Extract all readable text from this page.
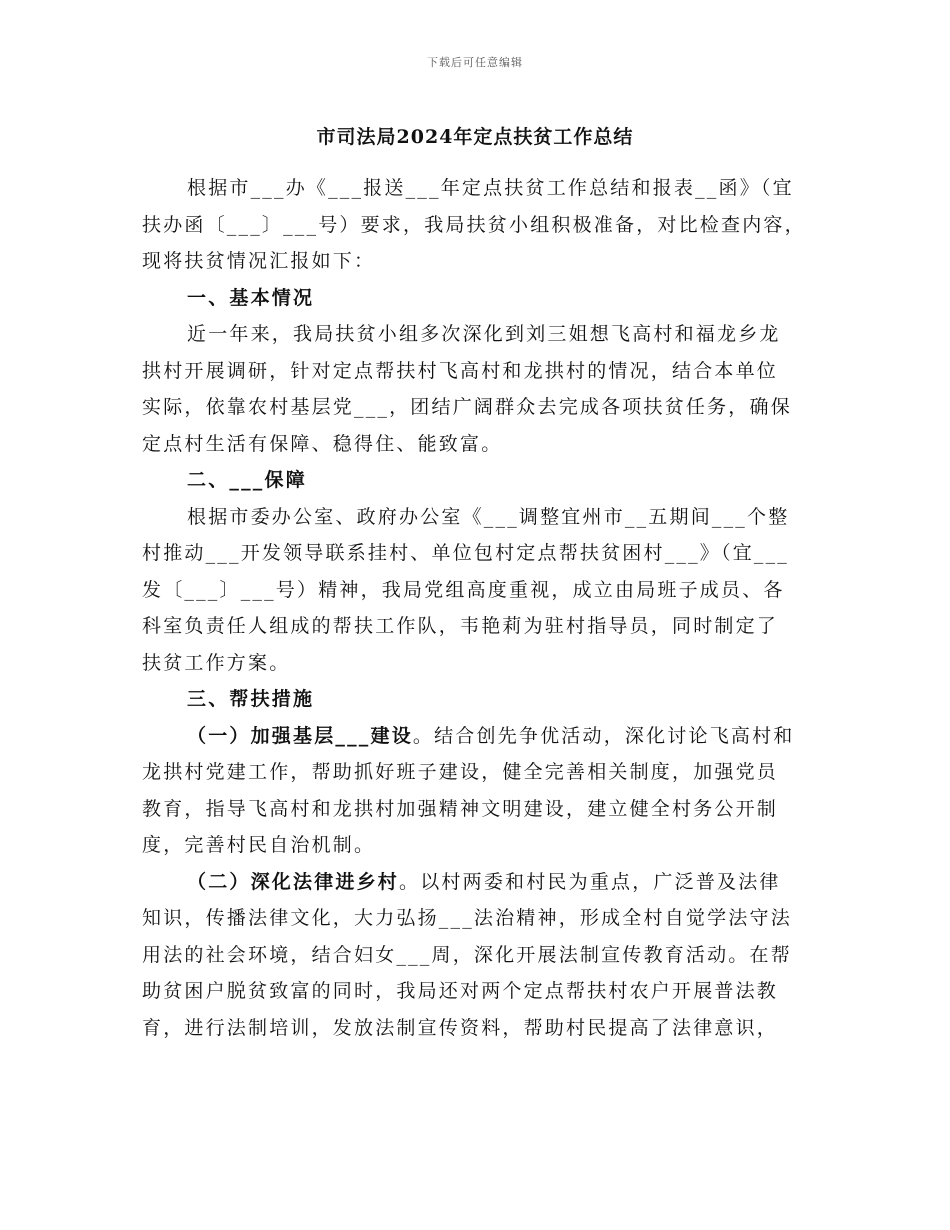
下载后可任意编辑
市司法局2024年定点扶贫工作总结
根据市___办《___报送___年定点扶贫工作总结和报表__函》（宜
扶办函〔___〕___号）要求，我局扶贫小组积极准备，对比检查内容，
现将扶贫情况汇报如下：
一、基本情况
近一年来，我局扶贫小组多次深化到刘三姐想飞高村和福龙乡龙
拱村开展调研，针对定点帮扶村飞高村和龙拱村的情况，结合本单位
实际，依靠农村基层党___，团结广阔群众去完成各项扶贫任务，确保
定点村生活有保障、稳得住、能致富。
二、___保障
根据市委办公室、政府办公室《___调整宜州市__五期间___个整
村推动___开发领导联系挂村、单位包村定点帮扶贫困村___》（宜___
发〔___〕___号）精神，我局党组高度重视，成立由局班子成员、各
科室负责任人组成的帮扶工作队，韦艳莉为驻村指导员，同时制定了
扶贫工作方案。
三、帮扶措施
（一）加强基层___建设。结合创先争优活动，深化讨论飞高村和
龙拱村党建工作，帮助抓好班子建设，健全完善相关制度，加强党员
教育，指导飞高村和龙拱村加强精神文明建设，建立健全村务公开制
度，完善村民自治机制。
（二）深化法律进乡村。以村两委和村民为重点，广泛普及法律
知识，传播法律文化，大力弘扬___法治精神，形成全村自觉学法守法
用法的社会环境，结合妇女___周，深化开展法制宣传教育活动。在帮
助贫困户脱贫致富的同时，我局还对两个定点帮扶村农户开展普法教
育，进行法制培训，发放法制宣传资料，帮助村民提高了法律意识，
